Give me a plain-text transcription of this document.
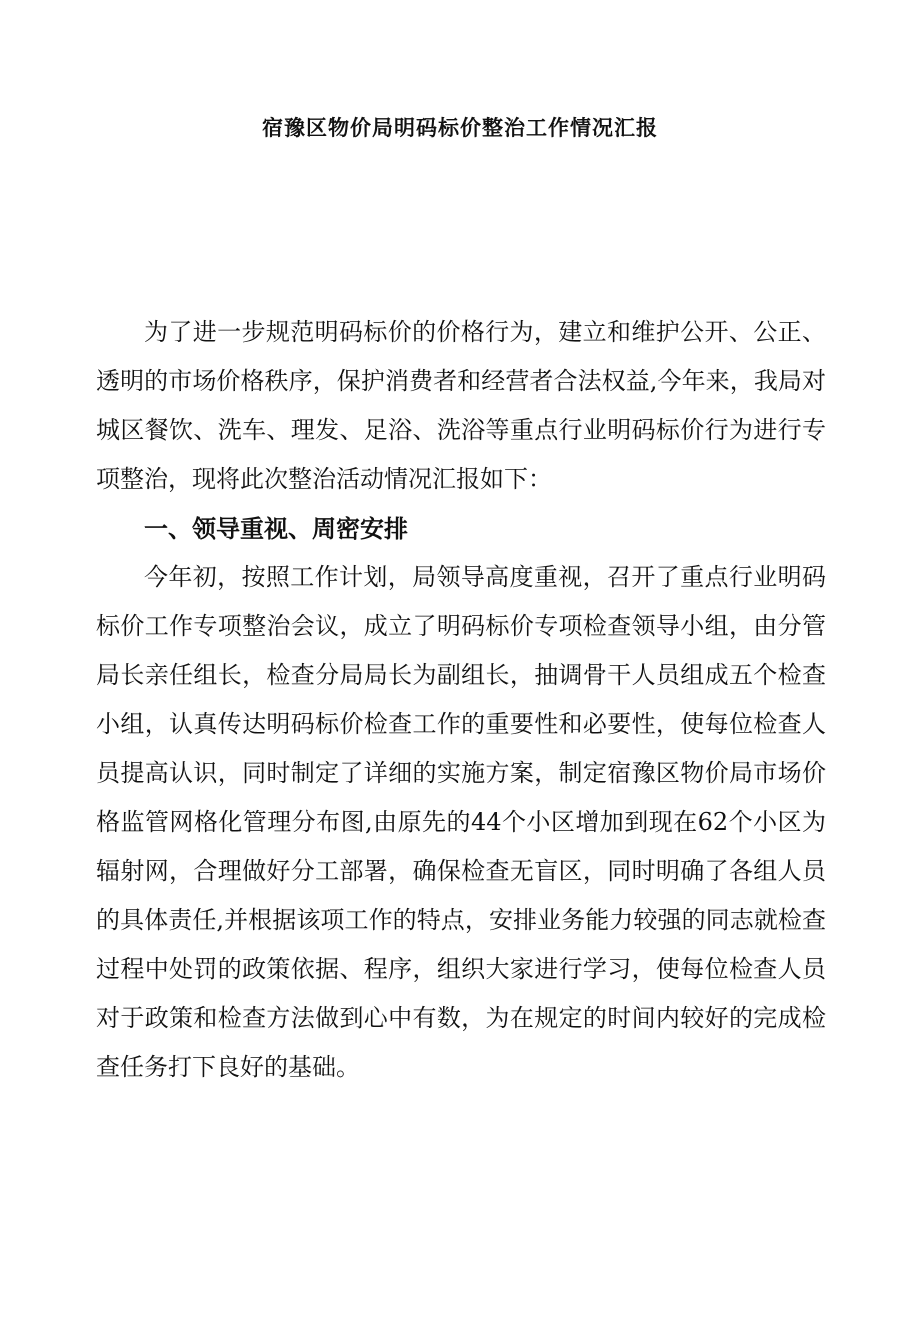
宿豫区物价局明码标价整治工作情况汇报

为了进一步规范明码标价的价格行为，建立和维护公开、公正、透明的市场价格秩序，保护消费者和经营者合法权益,今年来，我局对城区餐饮、洗车、理发、足浴、洗浴等重点行业明码标价行为进行专项整治，现将此次整治活动情况汇报如下：

一、领导重视、周密安排

今年初，按照工作计划，局领导高度重视，召开了重点行业明码标价工作专项整治会议，成立了明码标价专项检查领导小组，由分管局长亲任组长，检查分局局长为副组长，抽调骨干人员组成五个检查小组，认真传达明码标价检查工作的重要性和必要性，使每位检查人员提高认识，同时制定了详细的实施方案，制定宿豫区物价局市场价格监管网格化管理分布图,由原先的44个小区增加到现在62个小区为辐射网，合理做好分工部署，确保检查无盲区，同时明确了各组人员的具体责任,并根据该项工作的特点，安排业务能力较强的同志就检查过程中处罚的政策依据、程序，组织大家进行学习，使每位检查人员对于政策和检查方法做到心中有数，为在规定的时间内较好的完成检查任务打下良好的基础。
